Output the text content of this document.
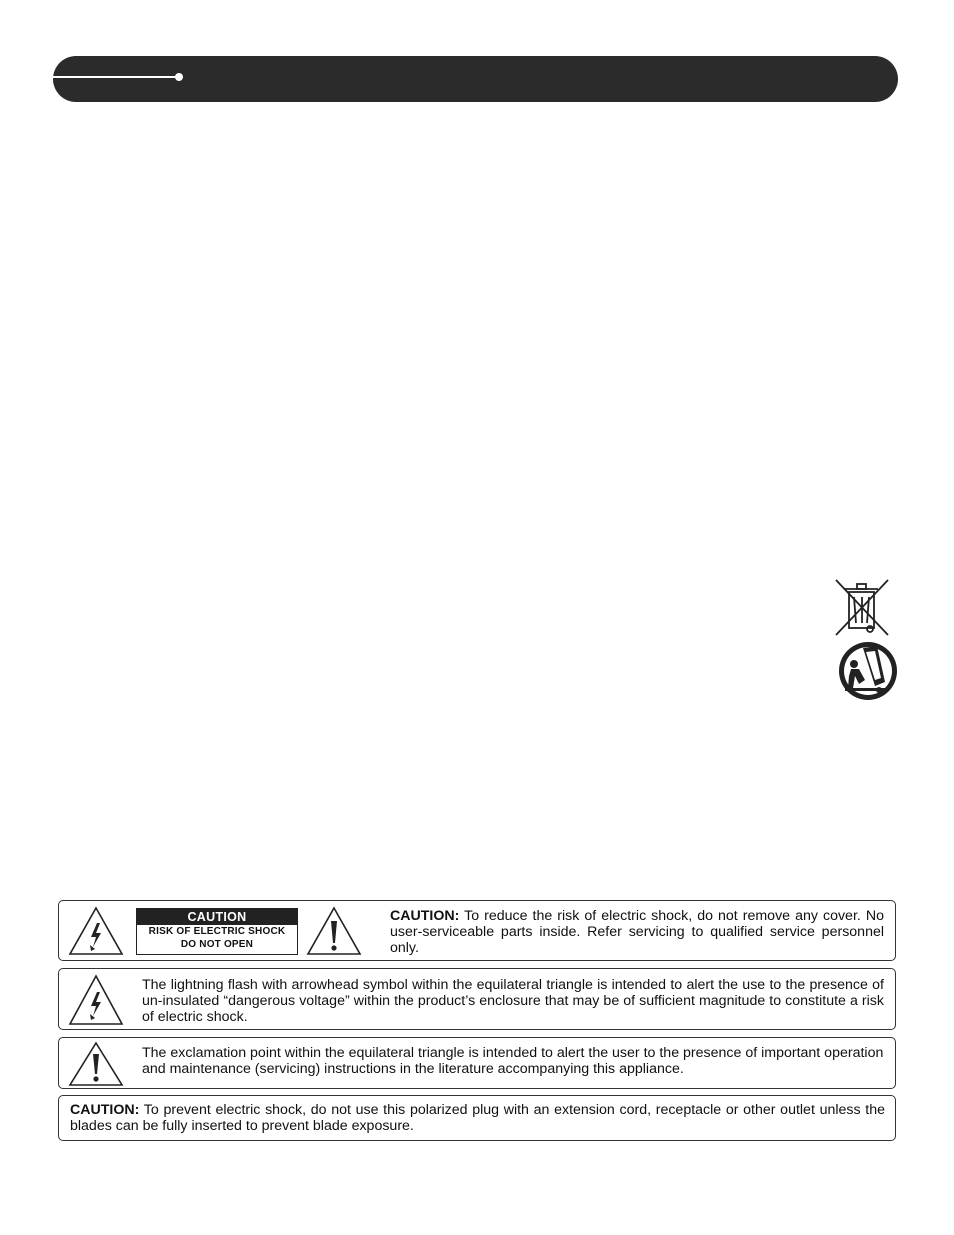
CAUTION
RISK OF ELECTRIC SHOCK
DO NOT OPEN
CAUTION: To reduce the risk of electric shock, do not remove any cover. No user-serviceable parts inside. Refer servicing to qualified service personnel only.
The lightning flash with arrowhead symbol within the equilateral triangle is intended to alert the use to the presence of un-insulated “dangerous voltage” within the product’s enclosure that may be of sufficient magnitude to constitute a risk of electric shock.
The exclamation point within the equilateral triangle is intended to alert the user to the presence of important operation and maintenance (servicing) instructions in the literature accompanying this appliance.
CAUTION: To prevent electric shock, do not use this polarized plug with an extension cord, receptacle or other outlet unless the blades can be fully inserted to prevent blade exposure.
